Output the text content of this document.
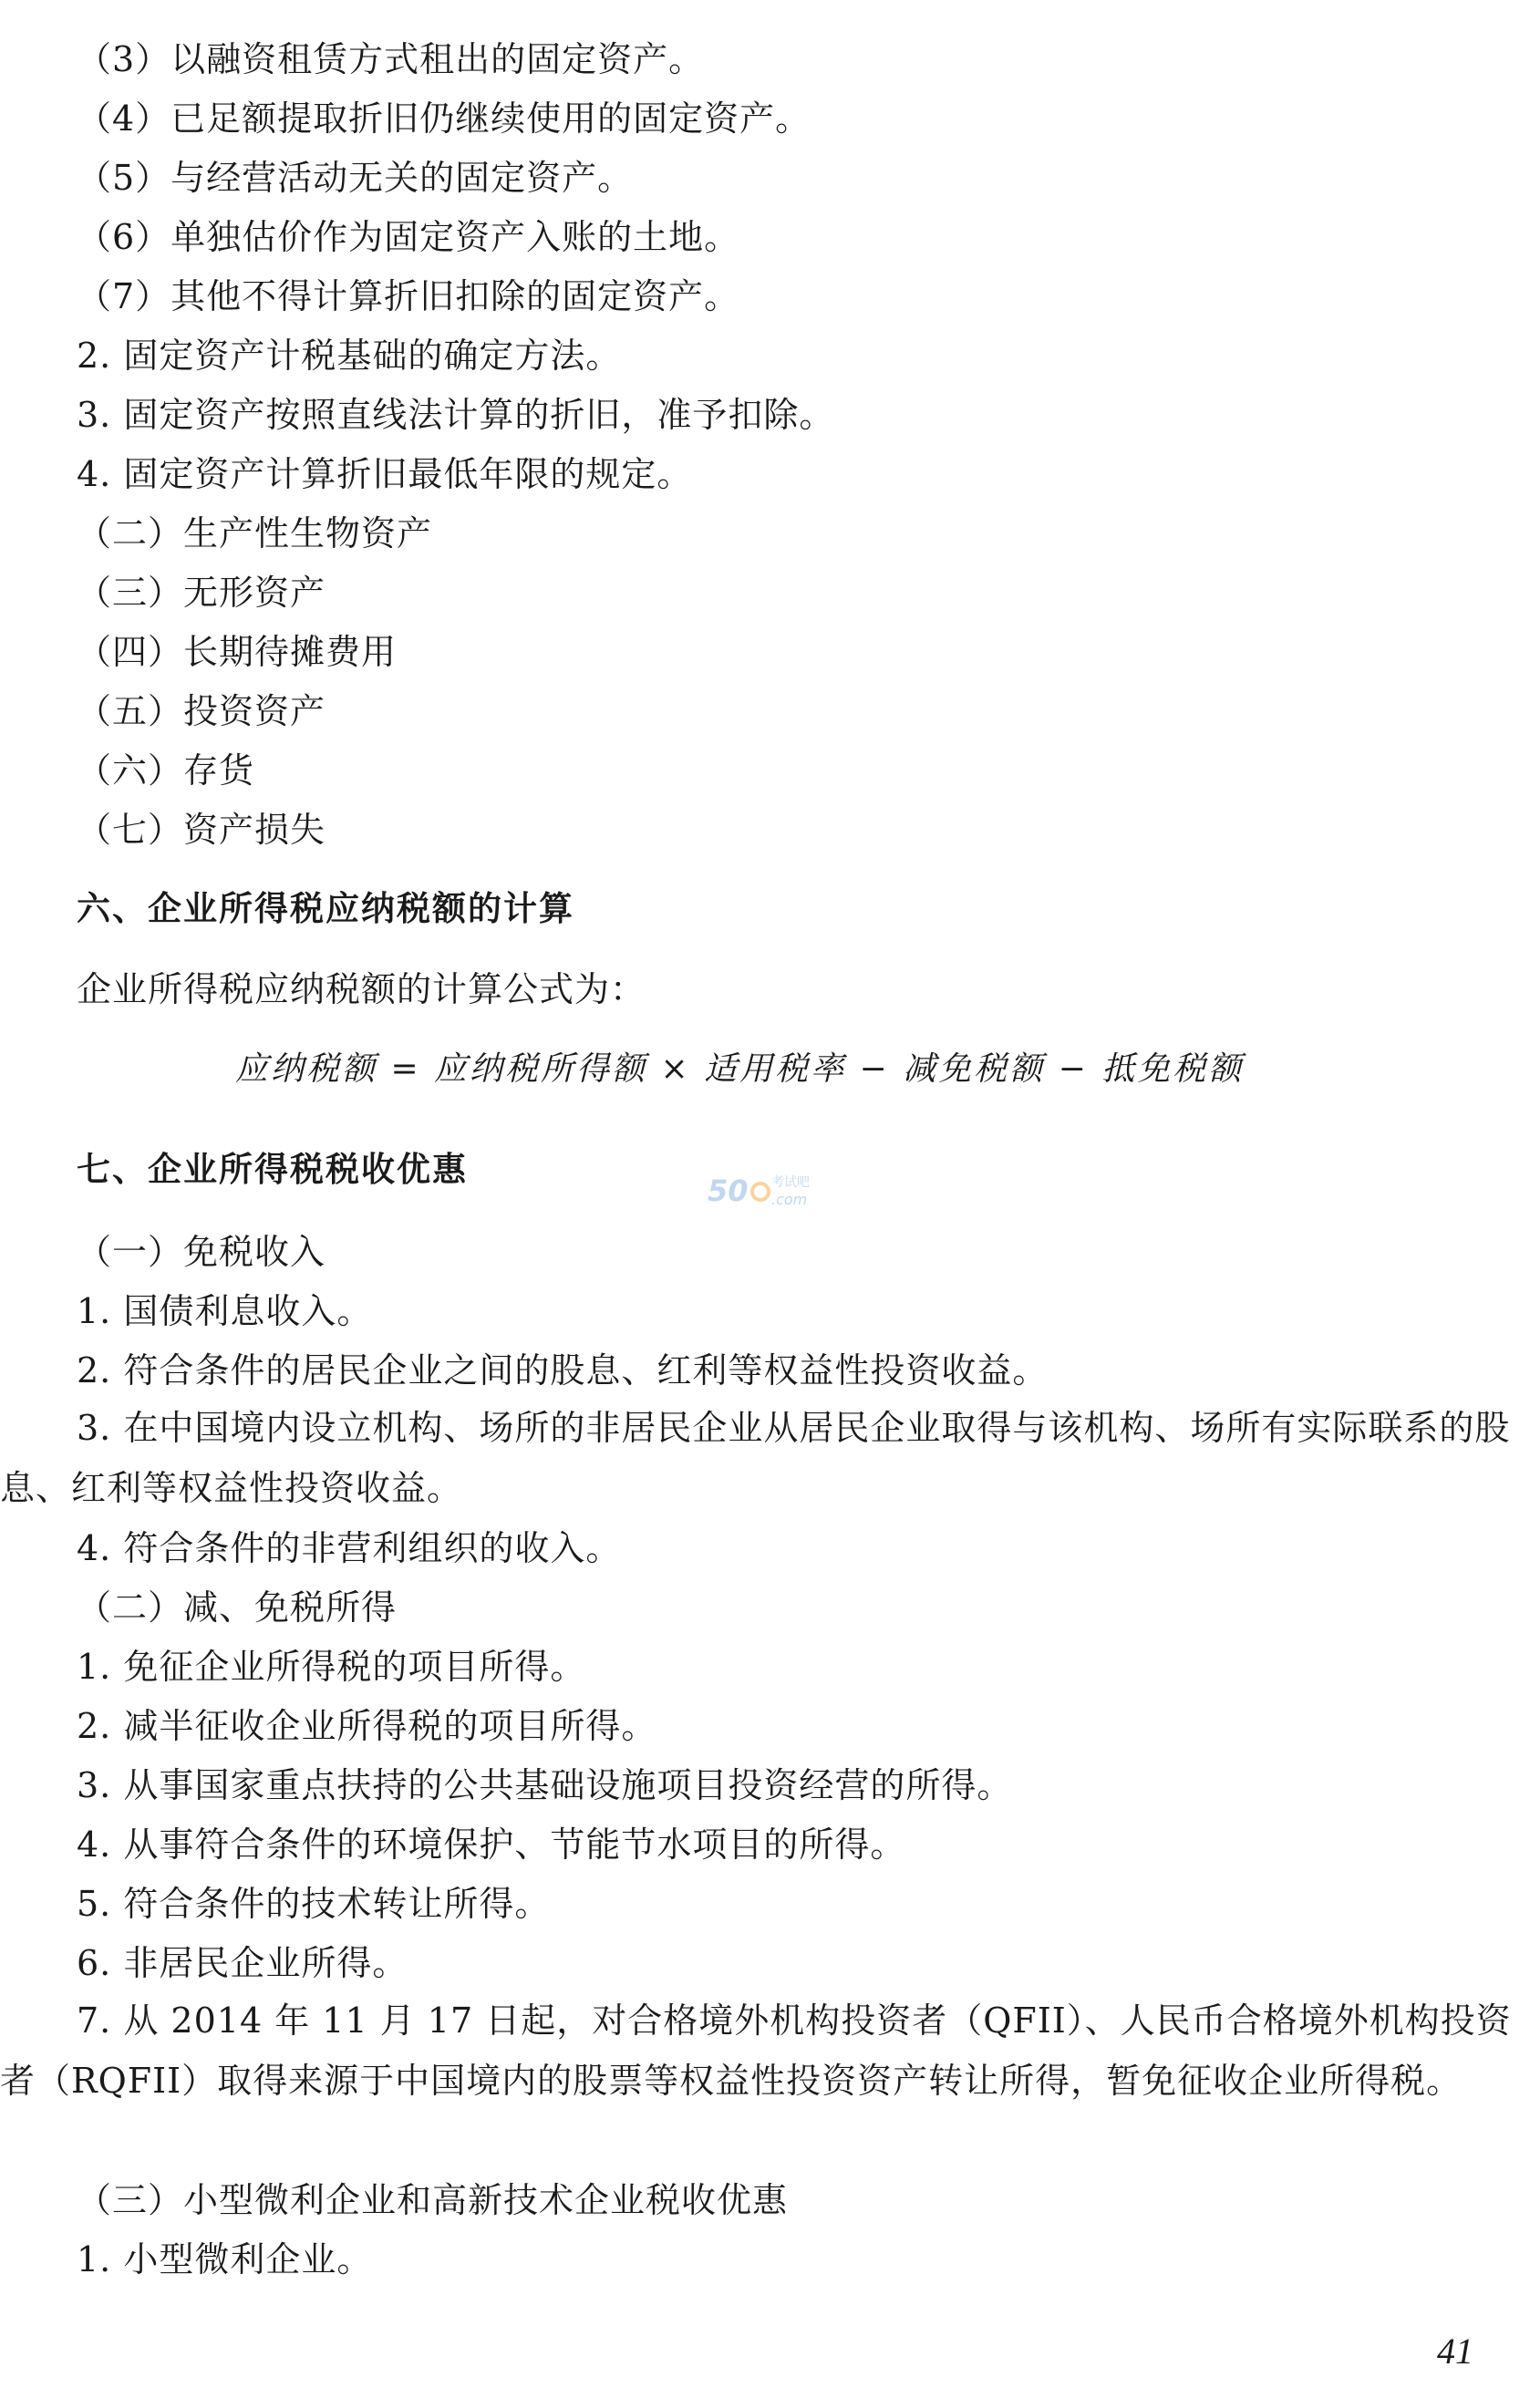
（3）以融资租赁方式租出的固定资产。
（4）已足额提取折旧仍继续使用的固定资产。
（5）与经营活动无关的固定资产。
（6）单独估价作为固定资产入账的土地。
（7）其他不得计算折旧扣除的固定资产。
2. 固定资产计税基础的确定方法。
3. 固定资产按照直线法计算的折旧，准予扣除。
4. 固定资产计算折旧最低年限的规定。
（二）生产性生物资产
（三）无形资产
（四）长期待摊费用
（五）投资资产
（六）存货
（七）资产损失
六、企业所得税应纳税额的计算
企业所得税应纳税额的计算公式为：
应纳税额 = 应纳税所得额 × 适用税率 − 减免税额 − 抵免税额
七、企业所得税税收优惠
50 考试吧
.com
（一）免税收入
1. 国债利息收入。
2. 符合条件的居民企业之间的股息、红利等权益性投资收益。
3. 在中国境内设立机构、场所的非居民企业从居民企业取得与该机构、场所有实际联系的股息、红利等权益性投资收益。
4. 符合条件的非营利组织的收入。
（二）减、免税所得
1. 免征企业所得税的项目所得。
2. 减半征收企业所得税的项目所得。
3. 从事国家重点扶持的公共基础设施项目投资经营的所得。
4. 从事符合条件的环境保护、节能节水项目的所得。
5. 符合条件的技术转让所得。
6. 非居民企业所得。
7. 从 2014 年 11 月 17 日起，对合格境外机构投资者（QFII）、人民币合格境外机构投资者（RQFII）取得来源于中国境内的股票等权益性投资资产转让所得，暂免征收企业所得税。
（三）小型微利企业和高新技术企业税收优惠
1. 小型微利企业。
41
